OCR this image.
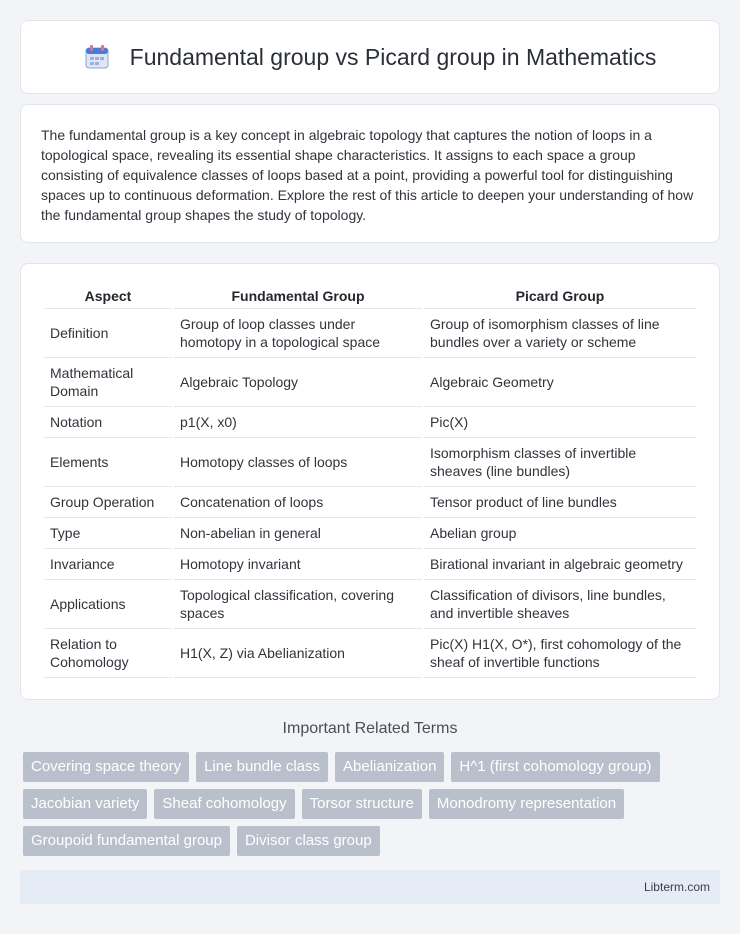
Fundamental group vs Picard group in Mathematics

The fundamental group is a key concept in algebraic topology that captures the notion of loops in a topological space, revealing its essential shape characteristics. It assigns to each space a group consisting of equivalence classes of loops based at a point, providing a powerful tool for distinguishing spaces up to continuous deformation. Explore the rest of this article to deepen your understanding of how the fundamental group shapes the study of topology.

Aspect	Fundamental Group	Picard Group
Definition	Group of loop classes under homotopy in a topological space	Group of isomorphism classes of line bundles over a variety or scheme
Mathematical Domain	Algebraic Topology	Algebraic Geometry
Notation	p1(X, x0)	Pic(X)
Elements	Homotopy classes of loops	Isomorphism classes of invertible sheaves (line bundles)
Group Operation	Concatenation of loops	Tensor product of line bundles
Type	Non-abelian in general	Abelian group
Invariance	Homotopy invariant	Birational invariant in algebraic geometry
Applications	Topological classification, covering spaces	Classification of divisors, line bundles, and invertible sheaves
Relation to Cohomology	H1(X, Z) via Abelianization	Pic(X) H1(X, O*), first cohomology of the sheaf of invertible functions
Important Related Terms
Covering space theory	Line bundle class	Abelianization	H^1 (first cohomology group)
Jacobian variety	Sheaf cohomology	Torsor structure	Monodromy representation
Groupoid fundamental group	Divisor class group
Libterm.com
